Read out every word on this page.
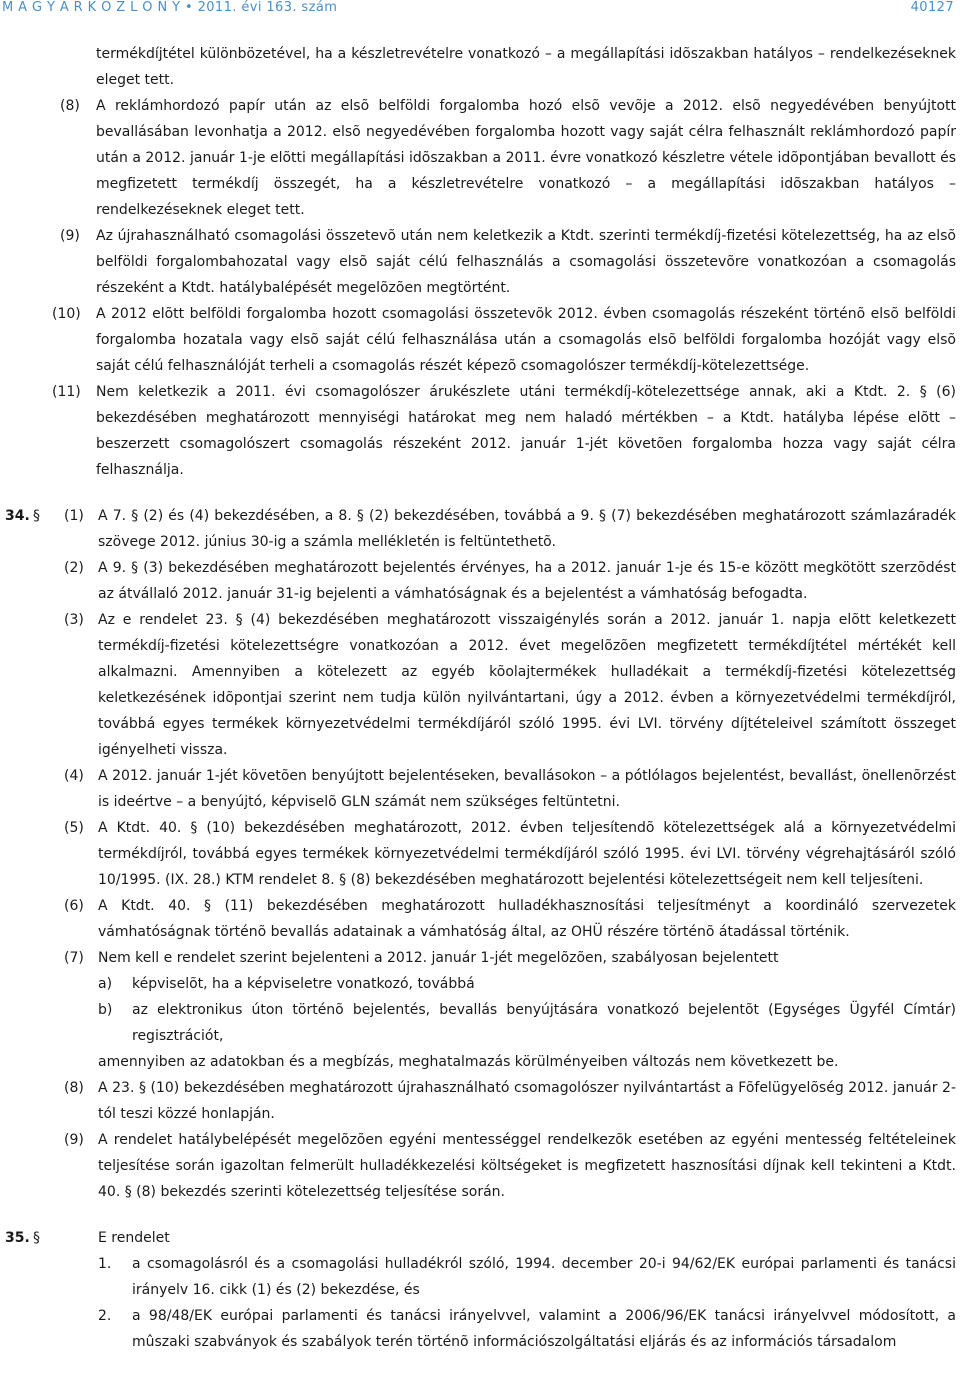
M A G Y A R K Ö Z L Ö N Y • 2011. évi 163. szám	40127
termékdíjtétel különbözetével, ha a készletrevételre vonatkozó – a megállapítási idõszakban hatályos – rendelkezéseknek eleget tett.
(8) A reklámhordozó papír után az elsõ belföldi forgalomba hozó elsõ vevõje a 2012. elsõ negyedévében benyújtott bevallásában levonhatja a 2012. elsõ negyedévében forgalomba hozott vagy saját célra felhasznált reklámhordozó papír után a 2012. január 1-je elõtti megállapítási idõszakban a 2011. évre vonatkozó készletre vétele idõpontjában bevallott és megfizetett termékdíj összegét, ha a készletrevételre vonatkozó – a megállapítási idõszakban hatályos – rendelkezéseknek eleget tett.
(9) Az újrahasználható csomagolási összetevõ után nem keletkezik a Ktdt. szerinti termékdíj-fizetési kötelezettség, ha az elsõ belföldi forgalombahozatal vagy elsõ saját célú felhasználás a csomagolási összetevõre vonatkozóan a csomagolás részeként a Ktdt. hatálybalépését megelõzõen megtörtént.
(10) A 2012 elõtt belföldi forgalomba hozott csomagolási összetevõk 2012. évben csomagolás részeként történõ elsõ belföldi forgalomba hozatala vagy elsõ saját célú felhasználása után a csomagolás elsõ belföldi forgalomba hozóját vagy elsõ saját célú felhasználóját terheli a csomagolás részét képezõ csomagolószer termékdíj-kötelezettsége.
(11) Nem keletkezik a 2011. évi csomagolószer árukészlete utáni termékdíj-kötelezettsége annak, aki a Ktdt. 2. § (6) bekezdésében meghatározott mennyiségi határokat meg nem haladó mértékben – a Ktdt. hatályba lépése elõtt – beszerzett csomagolószert csomagolás részeként 2012. január 1-jét követõen forgalomba hozza vagy saját célra felhasználja.
34. § (1) A 7. § (2) és (4) bekezdésében, a 8. § (2) bekezdésében, továbbá a 9. § (7) bekezdésében meghatározott számlazáradék szövege 2012. június 30-ig a számla mellékletén is feltüntethetõ.
(2) A 9. § (3) bekezdésében meghatározott bejelentés érvényes, ha a 2012. január 1-je és 15-e között megkötött szerzõdést az átvállaló 2012. január 31-ig bejelenti a vámhatóságnak és a bejelentést a vámhatóság befogadta.
(3) Az e rendelet 23. § (4) bekezdésében meghatározott visszaigénylés során a 2012. január 1. napja elõtt keletkezett termékdíj-fizetési kötelezettségre vonatkozóan a 2012. évet megelõzõen megfizetett termékdíjtétel mértékét kell alkalmazni. Amennyiben a kötelezett az egyéb kõolajtermékek hulladékait a termékdíj-fizetési kötelezettség keletkezésének idõpontjai szerint nem tudja külön nyilvántartani, úgy a 2012. évben a környezetvédelmi termékdíjról, továbbá egyes termékek környezetvédelmi termékdíjáról szóló 1995. évi LVI. törvény díjtételeivel számított összeget igényelheti vissza.
(4) A 2012. január 1-jét követõen benyújtott bejelentéseken, bevallásokon – a pótlólagos bejelentést, bevallást, önellenõrzést is ideértve – a benyújtó, képviselõ GLN számát nem szükséges feltüntetni.
(5) A Ktdt. 40. § (10) bekezdésében meghatározott, 2012. évben teljesítendõ kötelezettségek alá a környezetvédelmi termékdíjról, továbbá egyes termékek környezetvédelmi termékdíjáról szóló 1995. évi LVI. törvény végrehajtásáról szóló 10/1995. (IX. 28.) KTM rendelet 8. § (8) bekezdésében meghatározott bejelentési kötelezettségeit nem kell teljesíteni.
(6) A Ktdt. 40. § (11) bekezdésében meghatározott hulladékhasznosítási teljesítményt a koordináló szervezetek vámhatóságnak történõ bevallás adatainak a vámhatóság által, az OHÜ részére történõ átadással történik.
(7) Nem kell e rendelet szerint bejelenteni a 2012. január 1-jét megelõzõen, szabályosan bejelentett
a) képviselõt, ha a képviseletre vonatkozó, továbbá
b) az elektronikus úton történõ bejelentés, bevallás benyújtására vonatkozó bejelentõt (Egységes Ügyfél Címtár) regisztrációt,
amennyiben az adatokban és a megbízás, meghatalmazás körülményeiben változás nem következett be.
(8) A 23. § (10) bekezdésében meghatározott újrahasználható csomagolószer nyilvántartást a Fõfelügyelõség 2012. január 2-tól teszi közzé honlapján.
(9) A rendelet hatálybelépését megelõzõen egyéni mentességgel rendelkezõk esetében az egyéni mentesség feltételeinek teljesítése során igazoltan felmerült hulladékkezelési költségeket is megfizetett hasznosítási díjnak kell tekinteni a Ktdt. 40. § (8) bekezdés szerinti kötelezettség teljesítése során.
35. §	E rendelet
1. a csomagolásról és a csomagolási hulladékról szóló, 1994. december 20-i 94/62/EK európai parlamenti és tanácsi irányelv 16. cikk (1) és (2) bekezdése, és
2. a 98/48/EK európai parlamenti és tanácsi irányelvvel, valamint a 2006/96/EK tanácsi irányelvvel módosított, a mûszaki szabványok és szabályok terén történõ információszolgáltatási eljárás és az információs társadalom
